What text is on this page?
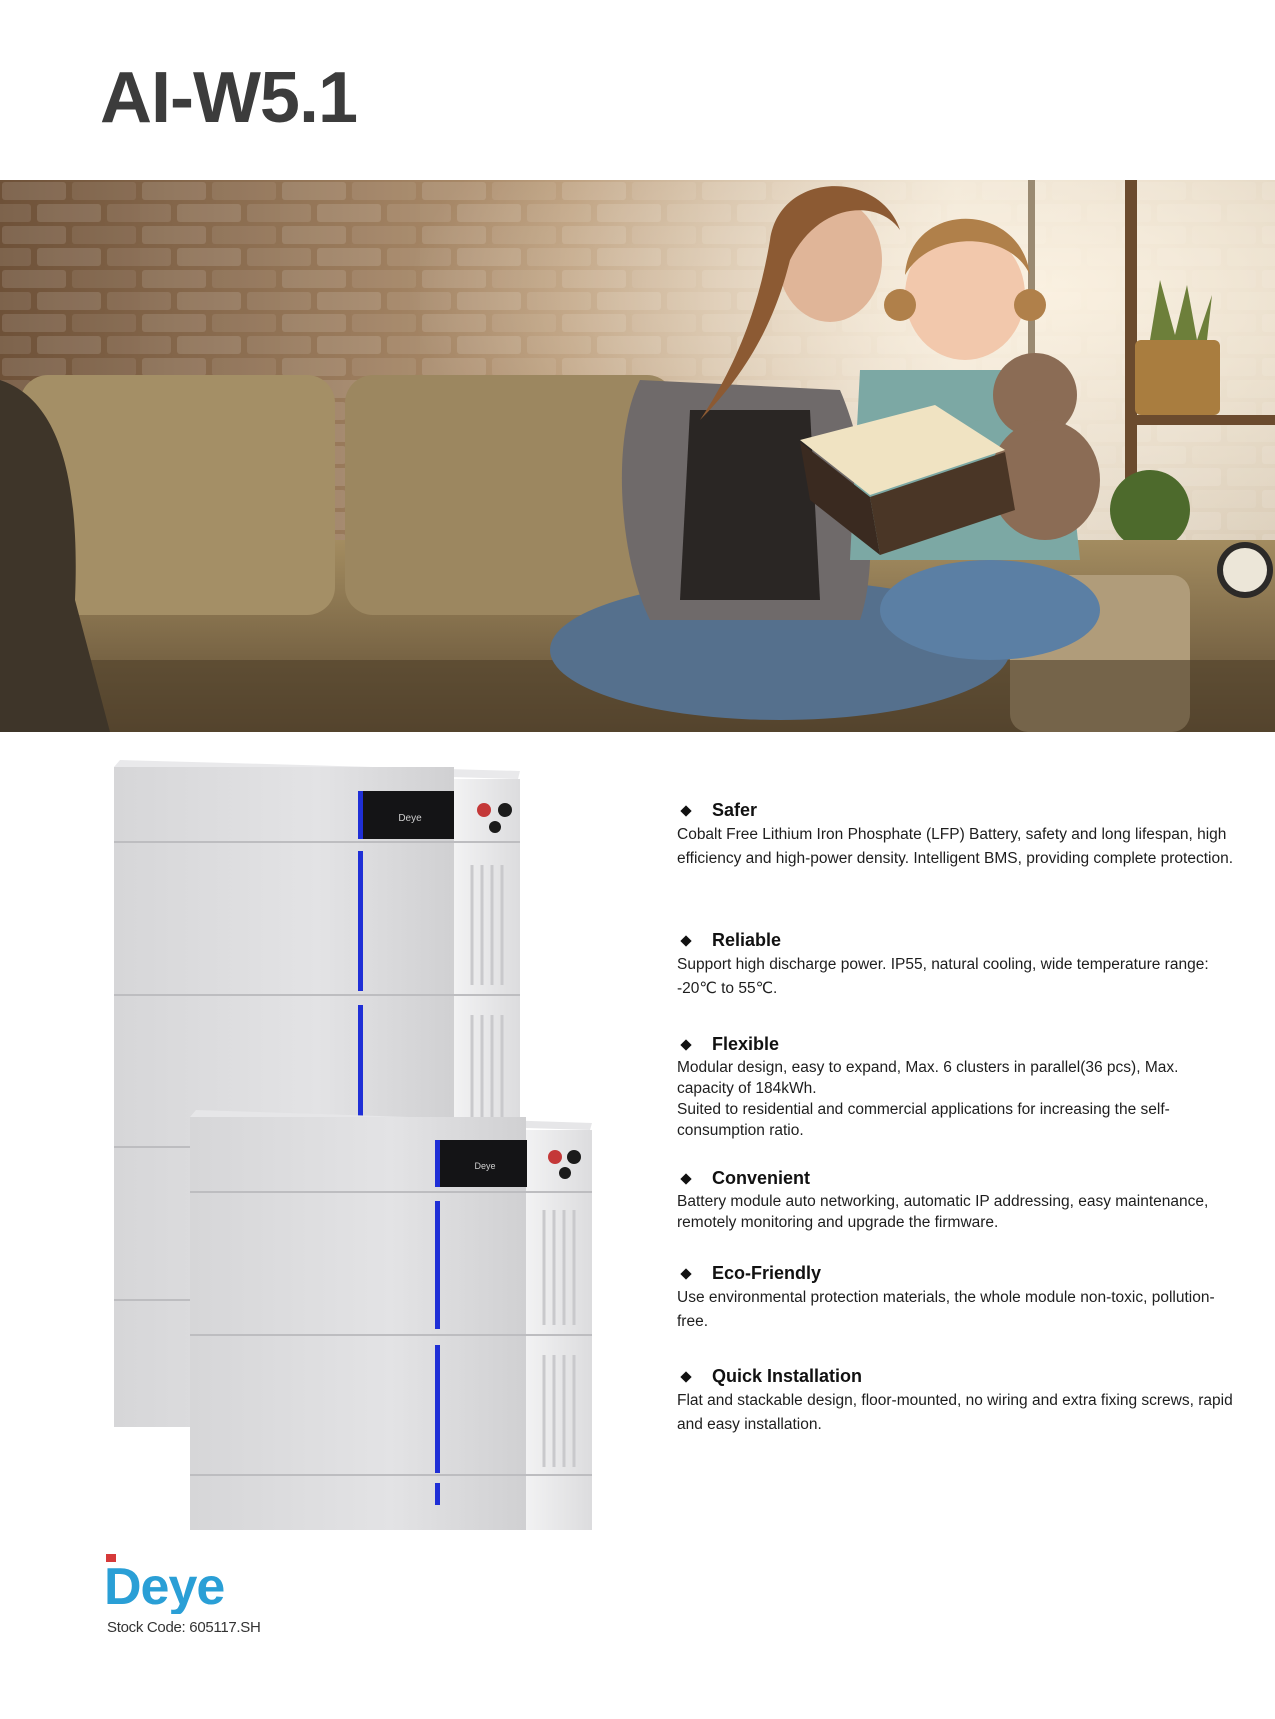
AI-W5.1
Deye
Deye
Safer
Cobalt Free Lithium Iron Phosphate (LFP) Battery, safety and long lifespan, high efficiency and high-power density. Intelligent BMS, providing complete protection.
Reliable
Support high discharge power. IP55, natural cooling, wide temperature range: -20℃ to 55℃.
Flexible
Modular design, easy to expand, Max. 6 clusters in parallel(36 pcs), Max. capacity of 184kWh.
Suited to residential and commercial applications for increasing the self-consumption ratio.
Convenient
Battery module auto networking, automatic IP addressing, easy maintenance, remotely monitoring and upgrade the firmware.
Eco-Friendly
Use environmental protection materials, the whole module non-toxic, pollution-free.
Quick Installation
Flat and stackable design, floor-mounted, no wiring and extra fixing screws, rapid and easy installation.
Deye
Stock Code: 605117.SH
